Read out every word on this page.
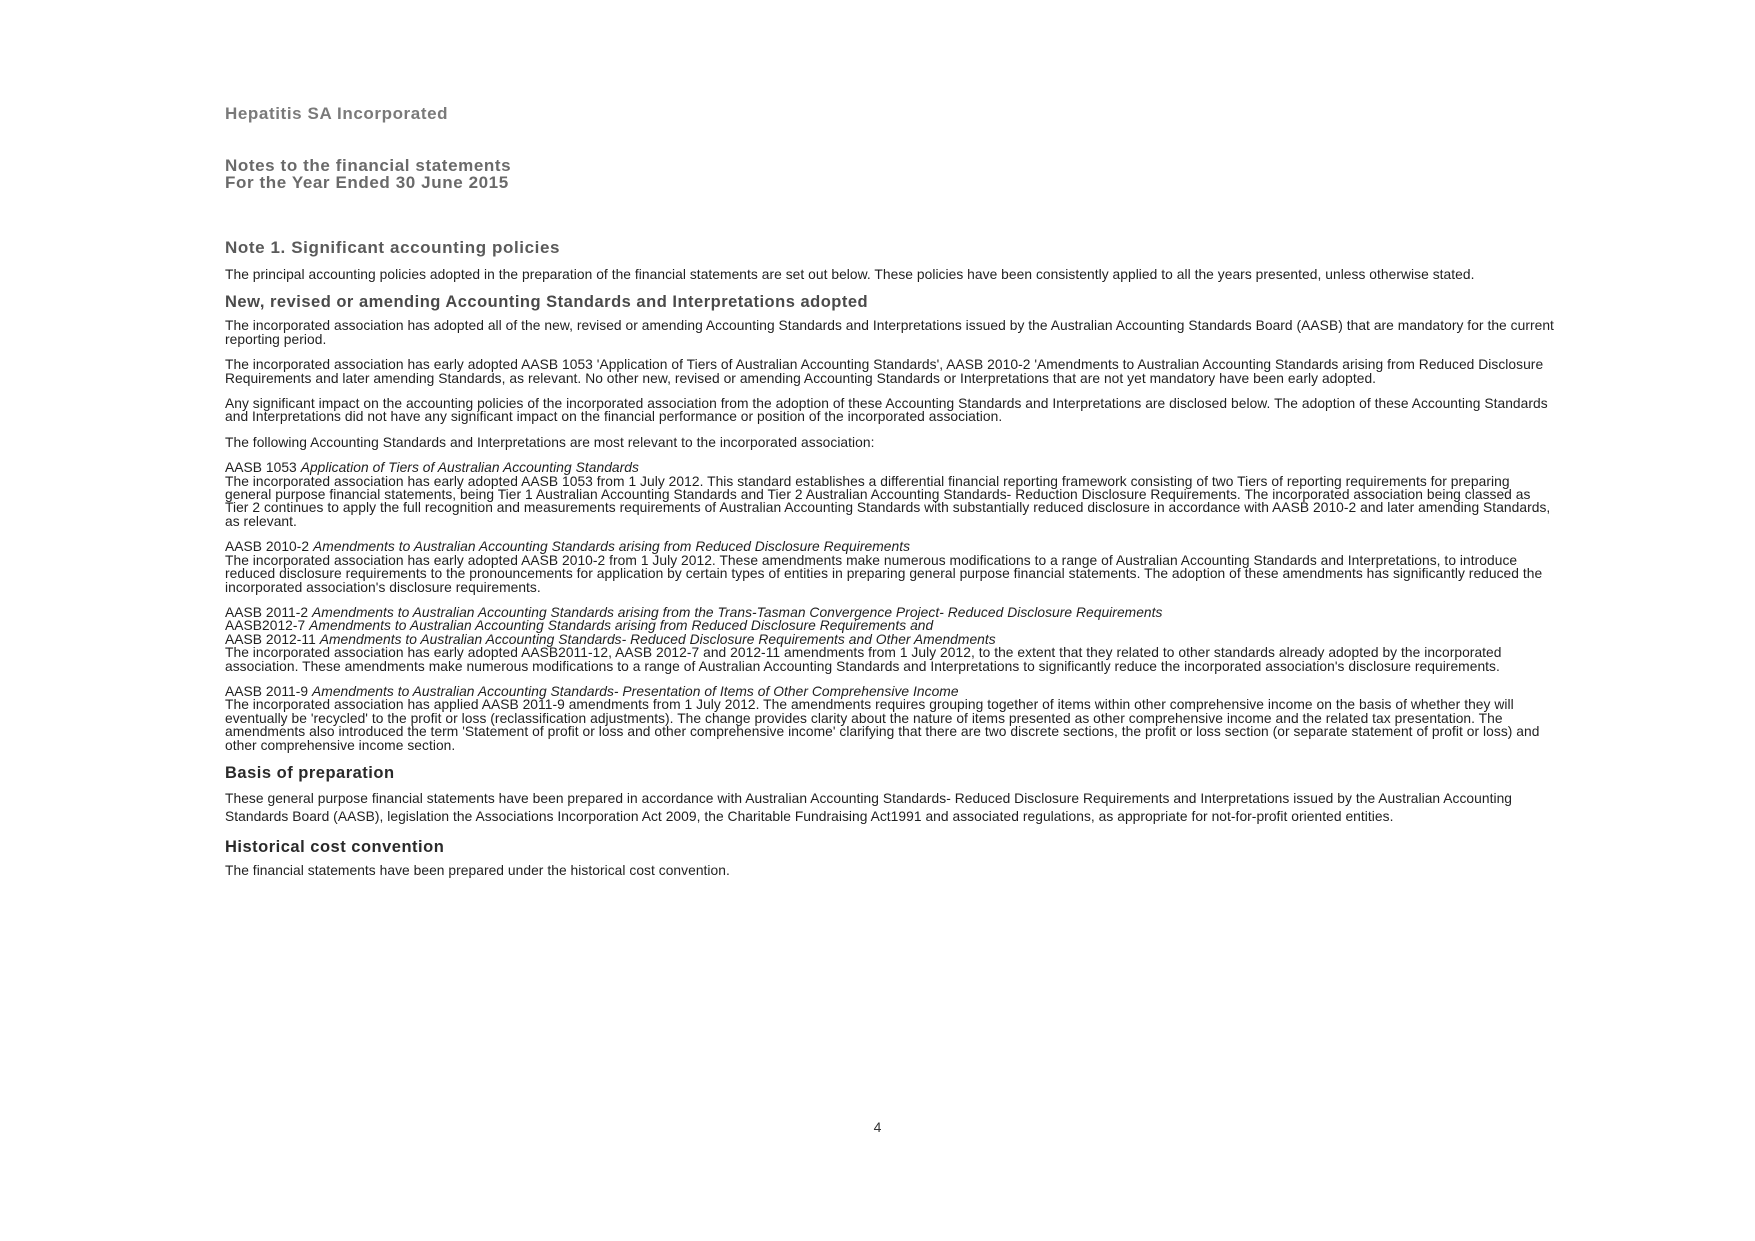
Hepatitis SA Incorporated
Notes to the financial statements
For the Year Ended 30 June 2015
Note 1. Significant accounting policies

The principal accounting policies adopted in the preparation of the financial statements are set out below. These policies have been consistently applied to all the years presented, unless otherwise stated.

New, revised or amending Accounting Standards and Interpretations adopted

The incorporated association has adopted all of the new, revised or amending Accounting Standards and Interpretations issued by the Australian Accounting Standards Board (AASB) that are mandatory for the current reporting period.

The incorporated association has early adopted AASB 1053 'Application of Tiers of Australian Accounting Standards', AASB 2010-2 'Amendments to Australian Accounting Standards arising from Reduced Disclosure Requirements and later amending Standards, as relevant. No other new, revised or amending Accounting Standards or Interpretations that are not yet mandatory have been early adopted.

Any significant impact on the accounting policies of the incorporated association from the adoption of these Accounting Standards and Interpretations are disclosed below. The adoption of these Accounting Standards and Interpretations did not have any significant impact on the financial performance or position of the incorporated association.

The following Accounting Standards and Interpretations are most relevant to the incorporated association:

AASB 1053 Application of Tiers of Australian Accounting Standards
The incorporated association has early adopted AASB 1053 from 1 July 2012. This standard establishes a differential financial reporting framework consisting of two Tiers of reporting requirements for preparing general purpose financial statements, being Tier 1 Australian Accounting Standards and Tier 2 Australian Accounting Standards- Reduction Disclosure Requirements. The incorporated association being classed as Tier 2 continues to apply the full recognition and measurements requirements of Australian Accounting Standards with substantially reduced disclosure in accordance with AASB 2010-2 and later amending Standards, as relevant.

AASB 2010-2 Amendments to Australian Accounting Standards arising from Reduced Disclosure Requirements
The incorporated association has early adopted AASB 2010-2 from 1 July 2012. These amendments make numerous modifications to a range of Australian Accounting Standards and Interpretations, to introduce reduced disclosure requirements to the pronouncements for application by certain types of entities in preparing general purpose financial statements. The adoption of these amendments has significantly reduced the incorporated association's disclosure requirements.

AASB 2011-2 Amendments to Australian Accounting Standards arising from the Trans-Tasman Convergence Project- Reduced Disclosure Requirements
AASB2012-7 Amendments to Australian Accounting Standards arising from Reduced Disclosure Requirements and
AASB 2012-11 Amendments to Australian Accounting Standards- Reduced Disclosure Requirements and Other Amendments
The incorporated association has early adopted AASB2011-12, AASB 2012-7 and 2012-11 amendments from 1 July 2012, to the extent that they related to other standards already adopted by the incorporated association. These amendments make numerous modifications to a range of Australian Accounting Standards and Interpretations to significantly reduce the incorporated association's disclosure requirements.

AASB 2011-9 Amendments to Australian Accounting Standards- Presentation of Items of Other Comprehensive Income
The incorporated association has applied AASB 2011-9 amendments from 1 July 2012. The amendments requires grouping together of items within other comprehensive income on the basis of whether they will eventually be 'recycled' to the profit or loss (reclassification adjustments). The change provides clarity about the nature of items presented as other comprehensive income and the related tax presentation. The amendments also introduced the term 'Statement of profit or loss and other comprehensive income' clarifying that there are two discrete sections, the profit or loss section (or separate statement of profit or loss) and other comprehensive income section.

Basis of preparation

These general purpose financial statements have been prepared in accordance with Australian Accounting Standards- Reduced Disclosure Requirements and Interpretations issued by the Australian Accounting Standards Board (AASB), legislation the Associations Incorporation Act 2009, the Charitable Fundraising Act1991 and associated regulations, as appropriate for not-for-profit oriented entities.

Historical cost convention

The financial statements have been prepared under the historical cost convention.

4
